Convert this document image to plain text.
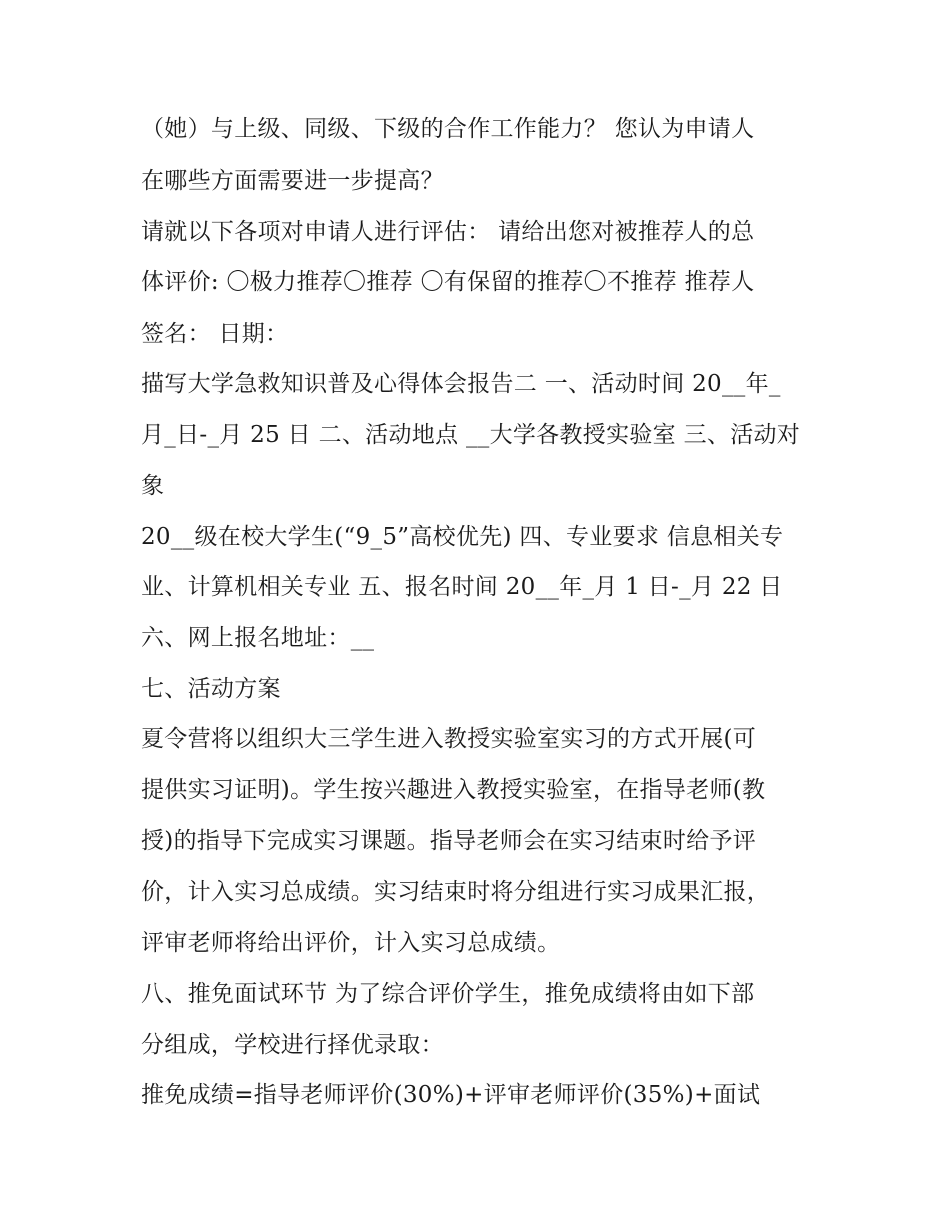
（她）与上级、同级、下级的合作工作能力？ 您认为申请人
在哪些方面需要进一步提高？
请就以下各项对申请人进行评估： 请给出您对被推荐人的总
体评价: 〇极力推荐〇推荐 〇有保留的推荐〇不推荐 推荐人
签名： 日期：
描写大学急救知识普及心得体会报告二 一、活动时间 20__年_
月_日-_月 25 日 二、活动地点 __大学各教授实验室 三、活动对
象
20__级在校大学生(“9_5”高校优先) 四、专业要求 信息相关专
业、计算机相关专业 五、报名时间 20__年_月 1 日-_月 22 日
六、网上报名地址：__
七、活动方案
夏令营将以组织大三学生进入教授实验室实习的方式开展(可
提供实习证明)。学生按兴趣进入教授实验室，在指导老师(教
授)的指导下完成实习课题。指导老师会在实习结束时给予评
价，计入实习总成绩。实习结束时将分组进行实习成果汇报，
评审老师将给出评价，计入实习总成绩。
八、推免面试环节 为了综合评价学生，推免成绩将由如下部
分组成，学校进行择优录取：
推免成绩=指导老师评价(30%)+评审老师评价(35%)+面试
